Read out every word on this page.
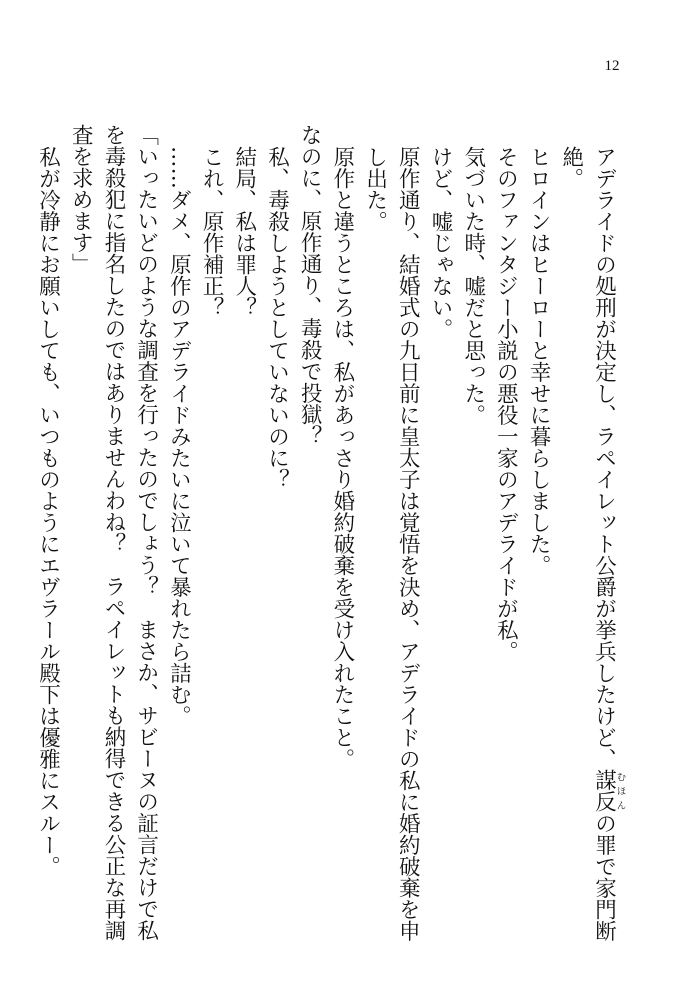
12

アデライドの処刑が決定し、ラペイレット公爵が挙兵したけど、謀反むほんの罪で家門断絶。

ヒロインはヒーローと幸せに暮らしました。

そのファンタジー小説の悪役一家のアデライドが私。

気づいた時、嘘だと思った。

けど、嘘じゃない。

原作通り、結婚式の九日前に皇太子は覚悟を決め、アデライドの私に婚約破棄を申し出た。

原作と違うところは、私があっさり婚約破棄を受け入れたこと。

なのに、原作通り、毒殺で投獄？

私、毒殺しようとしていないのに？

結局、私は罪人？

これ、原作補正？

……ダメ、原作のアデライドみたいに泣いて暴れたら詰む。

「いったいどのような調査を行ったのでしょう？　まさか、サビーヌの証言だけで私を毒殺犯に指名したのではありませんわね？　ラペイレットも納得できる公正な再調査を求めます」

私が冷静にお願いしても、いつものようにエヴラール殿下は優雅にスルー。
